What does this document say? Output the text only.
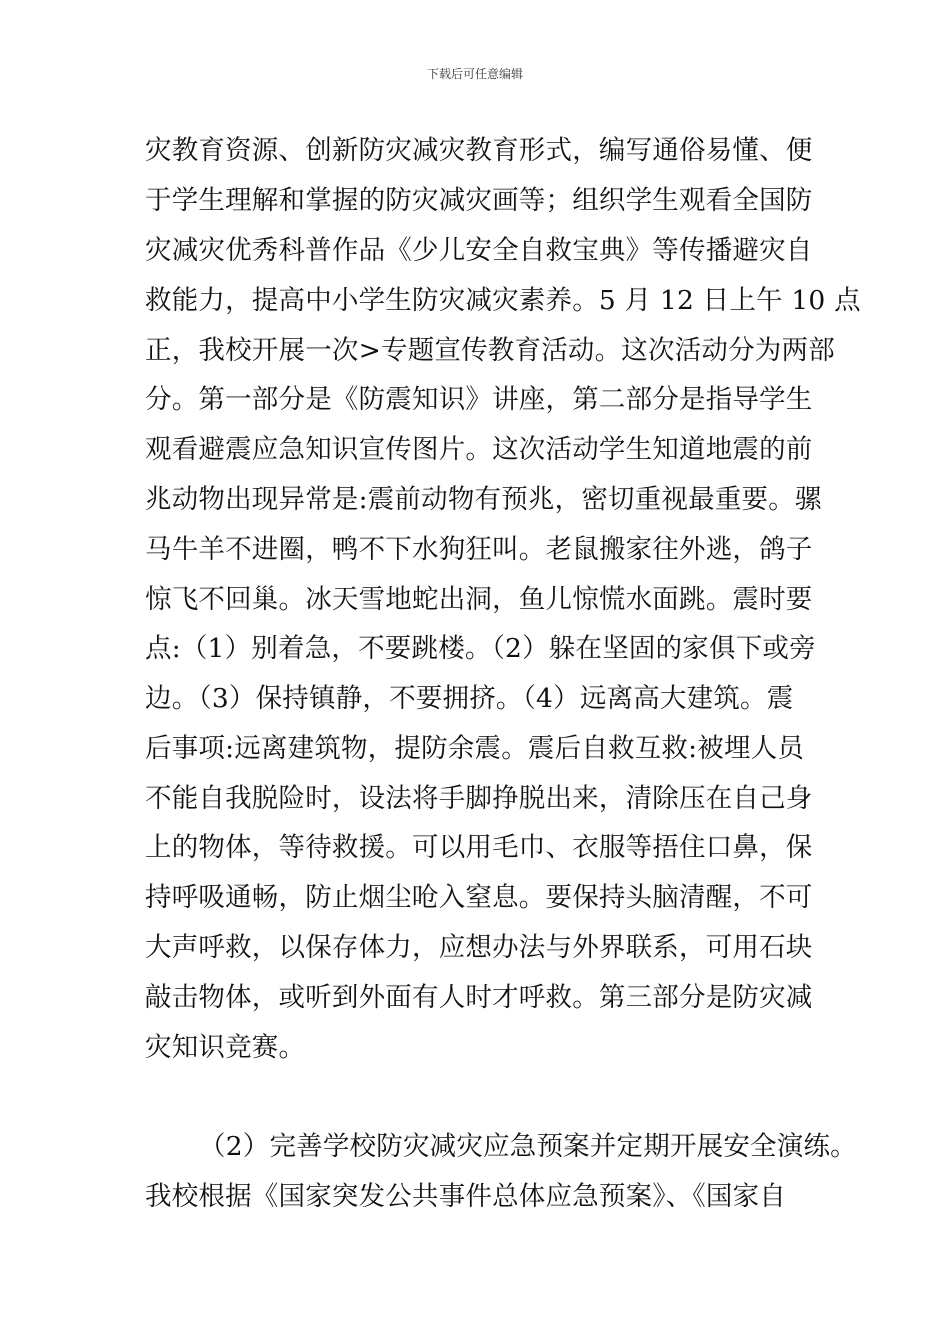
下载后可任意编辑
灾教育资源、创新防灾减灾教育形式，编写通俗易懂、便
于学生理解和掌握的防灾减灾画等；组织学生观看全国防
灾减灾优秀科普作品《少儿安全自救宝典》等传播避灾自
救能力，提高中小学生防灾减灾素养。5 月 12 日上午 10 点
正，我校开展一次>专题宣传教育活动。这次活动分为两部
分。第一部分是《防震知识》讲座，第二部分是指导学生
观看避震应急知识宣传图片。这次活动学生知道地震的前
兆动物出现异常是:震前动物有预兆，密切重视最重要。骡
马牛羊不进圈，鸭不下水狗狂叫。老鼠搬家往外逃，鸽子
惊飞不回巢。冰天雪地蛇出洞，鱼儿惊慌水面跳。震时要
点:（1）别着急，不要跳楼。（2）躲在坚固的家俱下或旁
边。（3）保持镇静，不要拥挤。（4）远离高大建筑。震
后事项:远离建筑物，提防余震。震后自救互救:被埋人员
不能自我脱险时，设法将手脚挣脱出来，清除压在自己身
上的物体，等待救援。可以用毛巾、衣服等捂住口鼻，保
持呼吸通畅，防止烟尘呛入窒息。要保持头脑清醒，不可
大声呼救，以保存体力，应想办法与外界联系，可用石块
敲击物体，或听到外面有人时才呼救。第三部分是防灾减
灾知识竞赛。
（2）完善学校防灾减灾应急预案并定期开展安全演练。
我校根据《国家突发公共事件总体应急预案》、《国家自
